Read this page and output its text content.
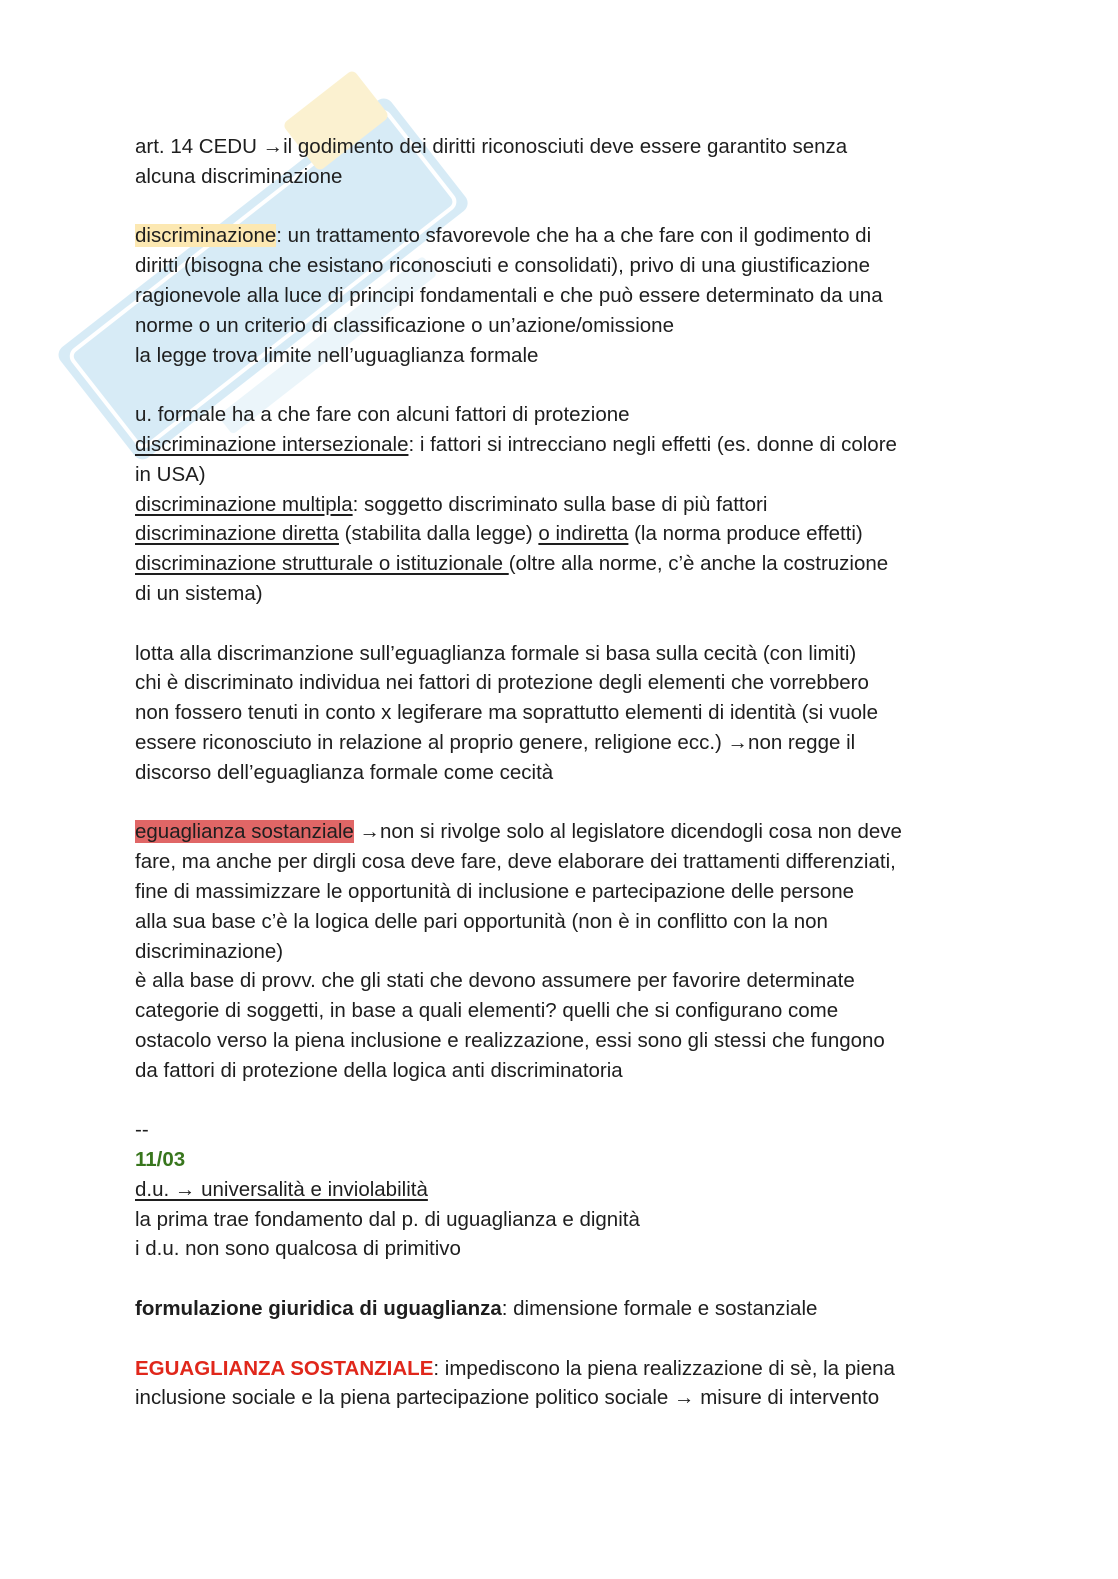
art. 14 CEDU →il godimento dei diritti riconosciuti deve essere garantito senza
alcuna discriminazione
discriminazione: un trattamento sfavorevole che ha a che fare con il godimento di
diritti (bisogna che esistano riconosciuti e consolidati), privo di una giustificazione
ragionevole alla luce di principi fondamentali e che può essere determinato da una
norme o un criterio di classificazione o un’azione/omissione
la legge trova limite nell’uguaglianza formale
u. formale ha a che fare con alcuni fattori di protezione
discriminazione intersezionale: i fattori si intrecciano negli effetti (es. donne di colore
in USA)
discriminazione multipla: soggetto discriminato sulla base di più fattori
discriminazione diretta (stabilita dalla legge) o indiretta (la norma produce effetti)
discriminazione strutturale o istituzionale (oltre alla norme, c’è anche la costruzione
di un sistema)
lotta alla discrimanzione sull’eguaglianza formale si basa sulla cecità (con limiti)
chi è discriminato individua nei fattori di protezione degli elementi che vorrebbero
non fossero tenuti in conto x legiferare ma soprattutto elementi di identità (si vuole
essere riconosciuto in relazione al proprio genere, religione ecc.) →non regge il
discorso dell’eguaglianza formale come cecità
eguaglianza sostanziale →non si rivolge solo al legislatore dicendogli cosa non deve
fare, ma anche per dirgli cosa deve fare, deve elaborare dei trattamenti differenziati,
fine di massimizzare le opportunità di inclusione e partecipazione delle persone
alla sua base c’è la logica delle pari opportunità (non è in conflitto con la non
discriminazione)
è alla base di provv. che gli stati che devono assumere per favorire determinate
categorie di soggetti, in base a quali elementi? quelli che si configurano come
ostacolo verso la piena inclusione e realizzazione, essi sono gli stessi che fungono
da fattori di protezione della logica anti discriminatoria
--
11/03
d.u. → universalità e inviolabilità
la prima trae fondamento dal p. di uguaglianza e dignità
i d.u. non sono qualcosa di primitivo
formulazione giuridica di uguaglianza: dimensione formale e sostanziale
EGUAGLIANZA SOSTANZIALE: impediscono la piena realizzazione di sè, la piena
inclusione sociale e la piena partecipazione politico sociale → misure di intervento
